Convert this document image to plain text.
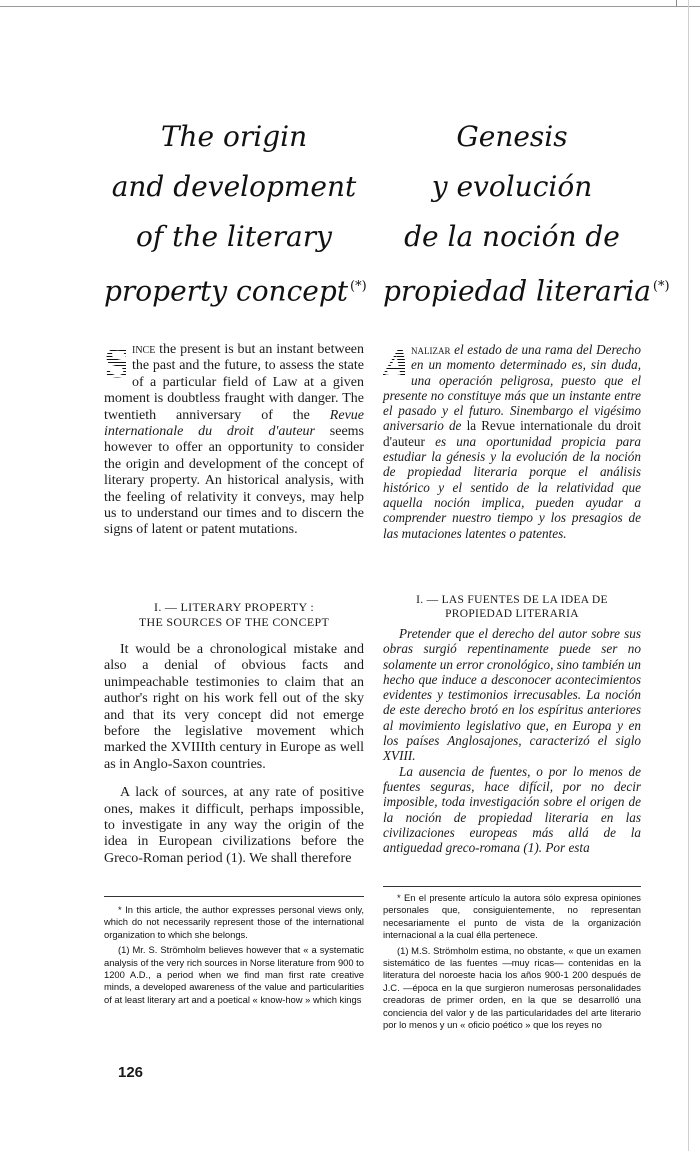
The origin
and development
of the literary
property concept (*)

S ince the present is but an instant between the past and the future, to assess the state of a particular field of Law at a given moment is doubtless fraught with danger. The twentieth anniversary of the Revue internationale du droit d'auteur seems however to offer an opportunity to consider the origin and development of the concept of literary property. An historical analysis, with the feeling of relativity it conveys, may help us to understand our times and to discern the signs of latent or patent mutations.

I. — LITERARY PROPERTY :
THE SOURCES OF THE CONCEPT

It would be a chronological mistake and also a denial of obvious facts and unimpeachable testimonies to claim that an author's right on his work fell out of the sky and that its very concept did not emerge before the legislative movement which marked the XVIIIth century in Europe as well as in Anglo-Saxon countries.

A lack of sources, at any rate of positive ones, makes it difficult, perhaps impossible, to investigate in any way the origin of the idea in European civilizations before the Greco-Roman period (1). We shall therefore

* In this article, the author expresses personal views only, which do not necessarily represent those of the international organization to which she belongs.

(1) Mr. S. Strömholm believes however that « a systematic analysis of the very rich sources in Norse literature from 900 to 1200 A.D., a period when we find man first rate creative minds, a developed awareness of the value and particularities of at least literary art and a poetical « know-how » which kings

Genesis
y evolución
de la noción de
propiedad literaria (*)

A
nalizar el estado de una rama del Derecho en un momento determinado es, sin duda, una operación peligrosa, puesto que el presente no constituye más que un instante entre el pasado y el futuro. Sinembargo el vigésimo aniversario de la Revue internationale du droit d'auteur es una oportunidad propicia para estudiar la génesis y la evolución de la noción de propiedad literaria porque el análisis histórico y el sentido de la relatividad que aquella noción implica, pueden ayudar a comprender nuestro tiempo y los presagios de las mutaciones latentes o patentes.

I. — LAS FUENTES DE LA IDEA DE
PROPIEDAD LITERARIA

Pretender que el derecho del autor sobre sus obras surgió repentinamente puede ser no solamente un error cronológico, sino también un hecho que induce a desconocer acontecimientos evidentes y testimonios irrecusables. La noción de este derecho brotó en los espíritus anteriores al movimiento legislativo que, en Europa y en los países Anglosajones, caracterizó el siglo XVIII.

La ausencia de fuentes, o por lo menos de fuentes seguras, hace difícil, por no decir imposible, toda investigación sobre el origen de la noción de propiedad literaria en las civilizaciones europeas más allá de la antiguedad greco-romana (1). Por esta

* En el presente artículo la autora sólo expresa opiniones personales que, consiguientemente, no representan necesariamente el punto de vista de la organización internacional a la cual élla pertenece.

(1) M.S. Strömholm estima, no obstante, « que un examen sistemático de las fuentes —muy ricas— contenidas en la literatura del noroeste hacia los años 900-1 200 después de J.C. —época en la que surgieron numerosas personalidades creadoras de primer orden, en la que se desarrolló una conciencia del valor y de las particularidades del arte literario por lo menos y un « oficio poético » que los reyes no

126
